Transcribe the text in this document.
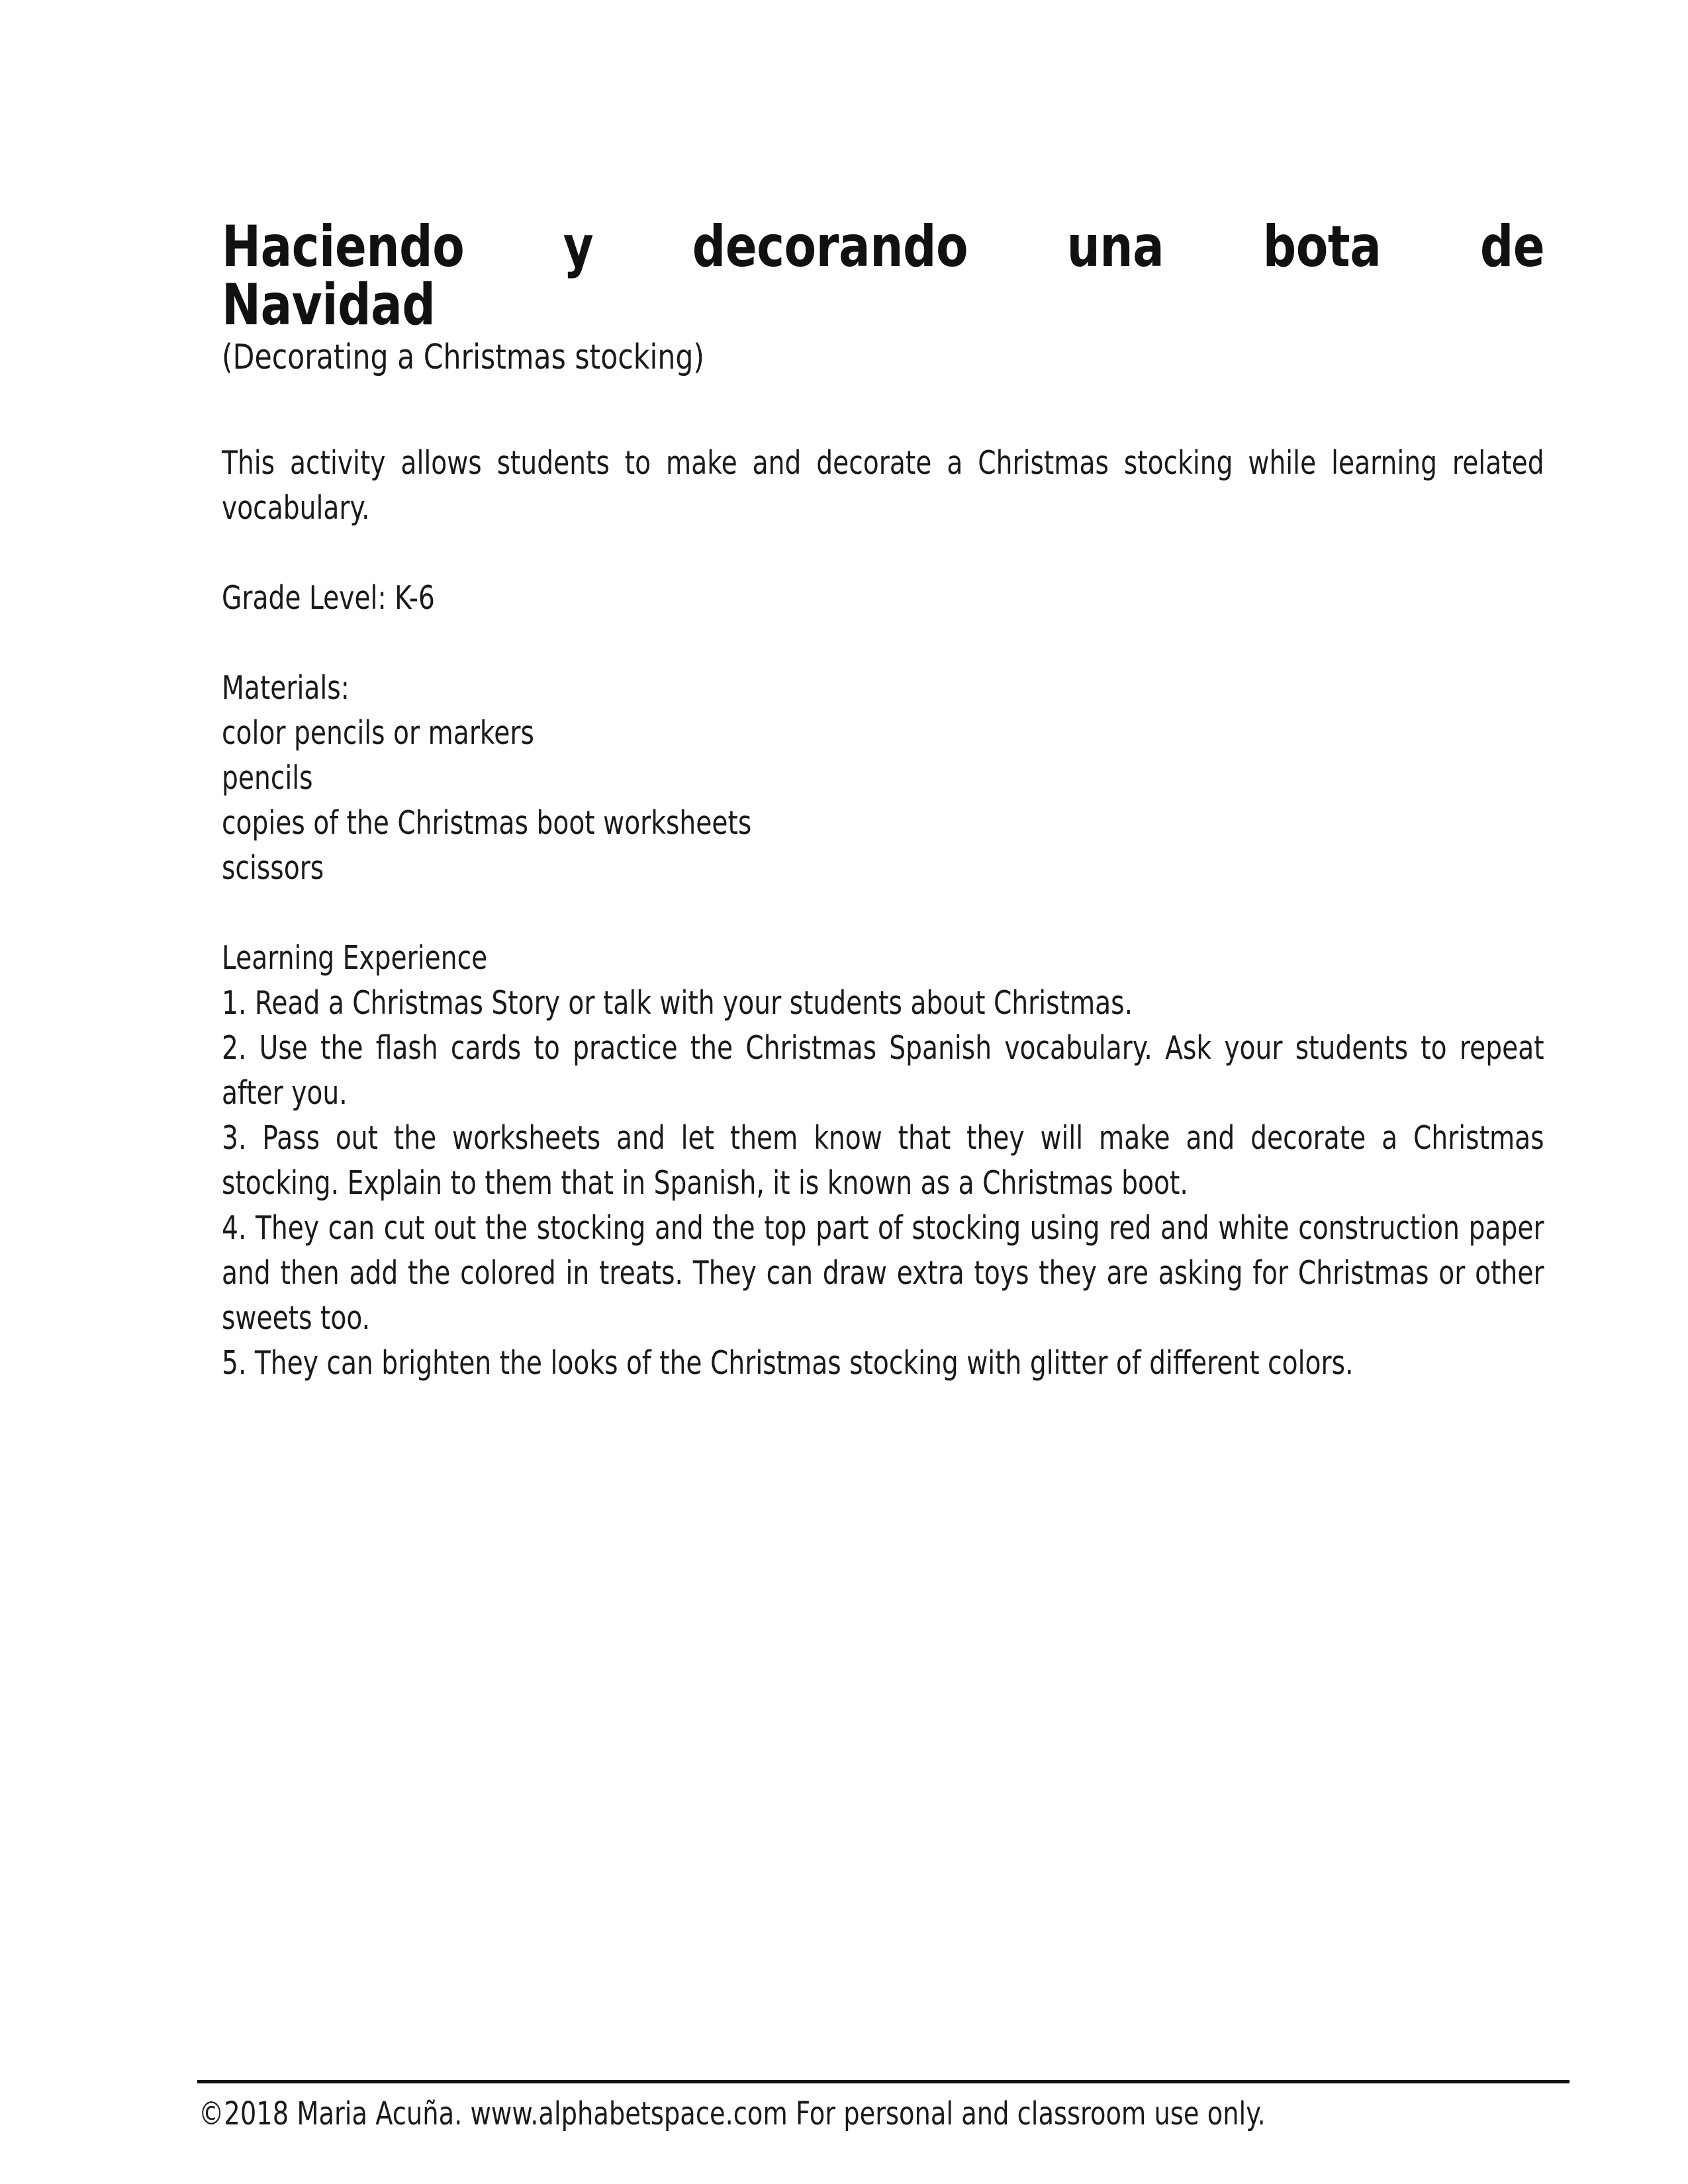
Haciendo y decorando una bota de
Navidad
(Decorating a Christmas stocking)
This activity allows students to make and decorate a Christmas stocking while learning related vocabulary.
Grade Level: K-6
Materials:
color pencils or markers
pencils
copies of the Christmas boot worksheets
scissors
Learning Experience
1. Read a Christmas Story or talk with your students about Christmas.
2. Use the flash cards to practice the Christmas Spanish vocabulary. Ask your students to repeat after you.
3. Pass out the worksheets and let them know that they will make and decorate a Christmas stocking. Explain to them that in Spanish, it is known as a Christmas boot.
4. They can cut out the stocking and the top part of stocking using red and white construction paper and then add the colored in treats. They can draw extra toys they are asking for Christmas or other sweets too.
5. They can brighten the looks of the Christmas stocking with glitter of different colors.
©2018 Maria Acuña. www.alphabetspace.com For personal and classroom use only.
